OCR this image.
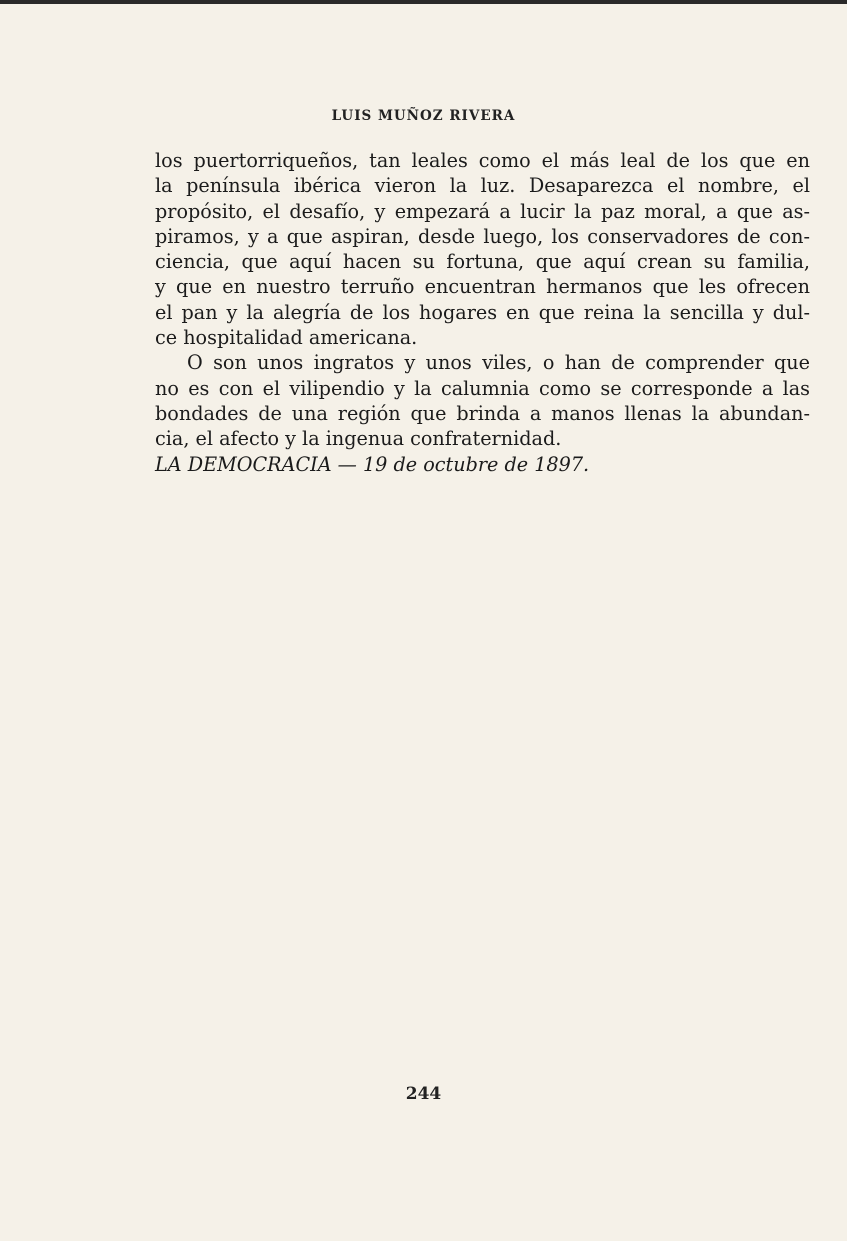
LUIS MUÑOZ RIVERA
los puertorriqueños, tan leales como el más leal de los que en
la península ibérica vieron la luz. Desaparezca el nombre, el
propósito, el desafío, y empezará a lucir la paz moral, a que as-
piramos, y a que aspiran, desde luego, los conservadores de con-
ciencia, que aquí hacen su fortuna, que aquí crean su familia,
y que en nuestro terruño encuentran hermanos que les ofrecen
el pan y la alegría de los hogares en que reina la sencilla y dul-
ce hospitalidad americana.
O son unos ingratos y unos viles, o han de comprender que
no es con el vilipendio y la calumnia como se corresponde a las
bondades de una región que brinda a manos llenas la abundan-
cia, el afecto y la ingenua confraternidad.
LA DEMOCRACIA — 19 de octubre de 1897.
244
